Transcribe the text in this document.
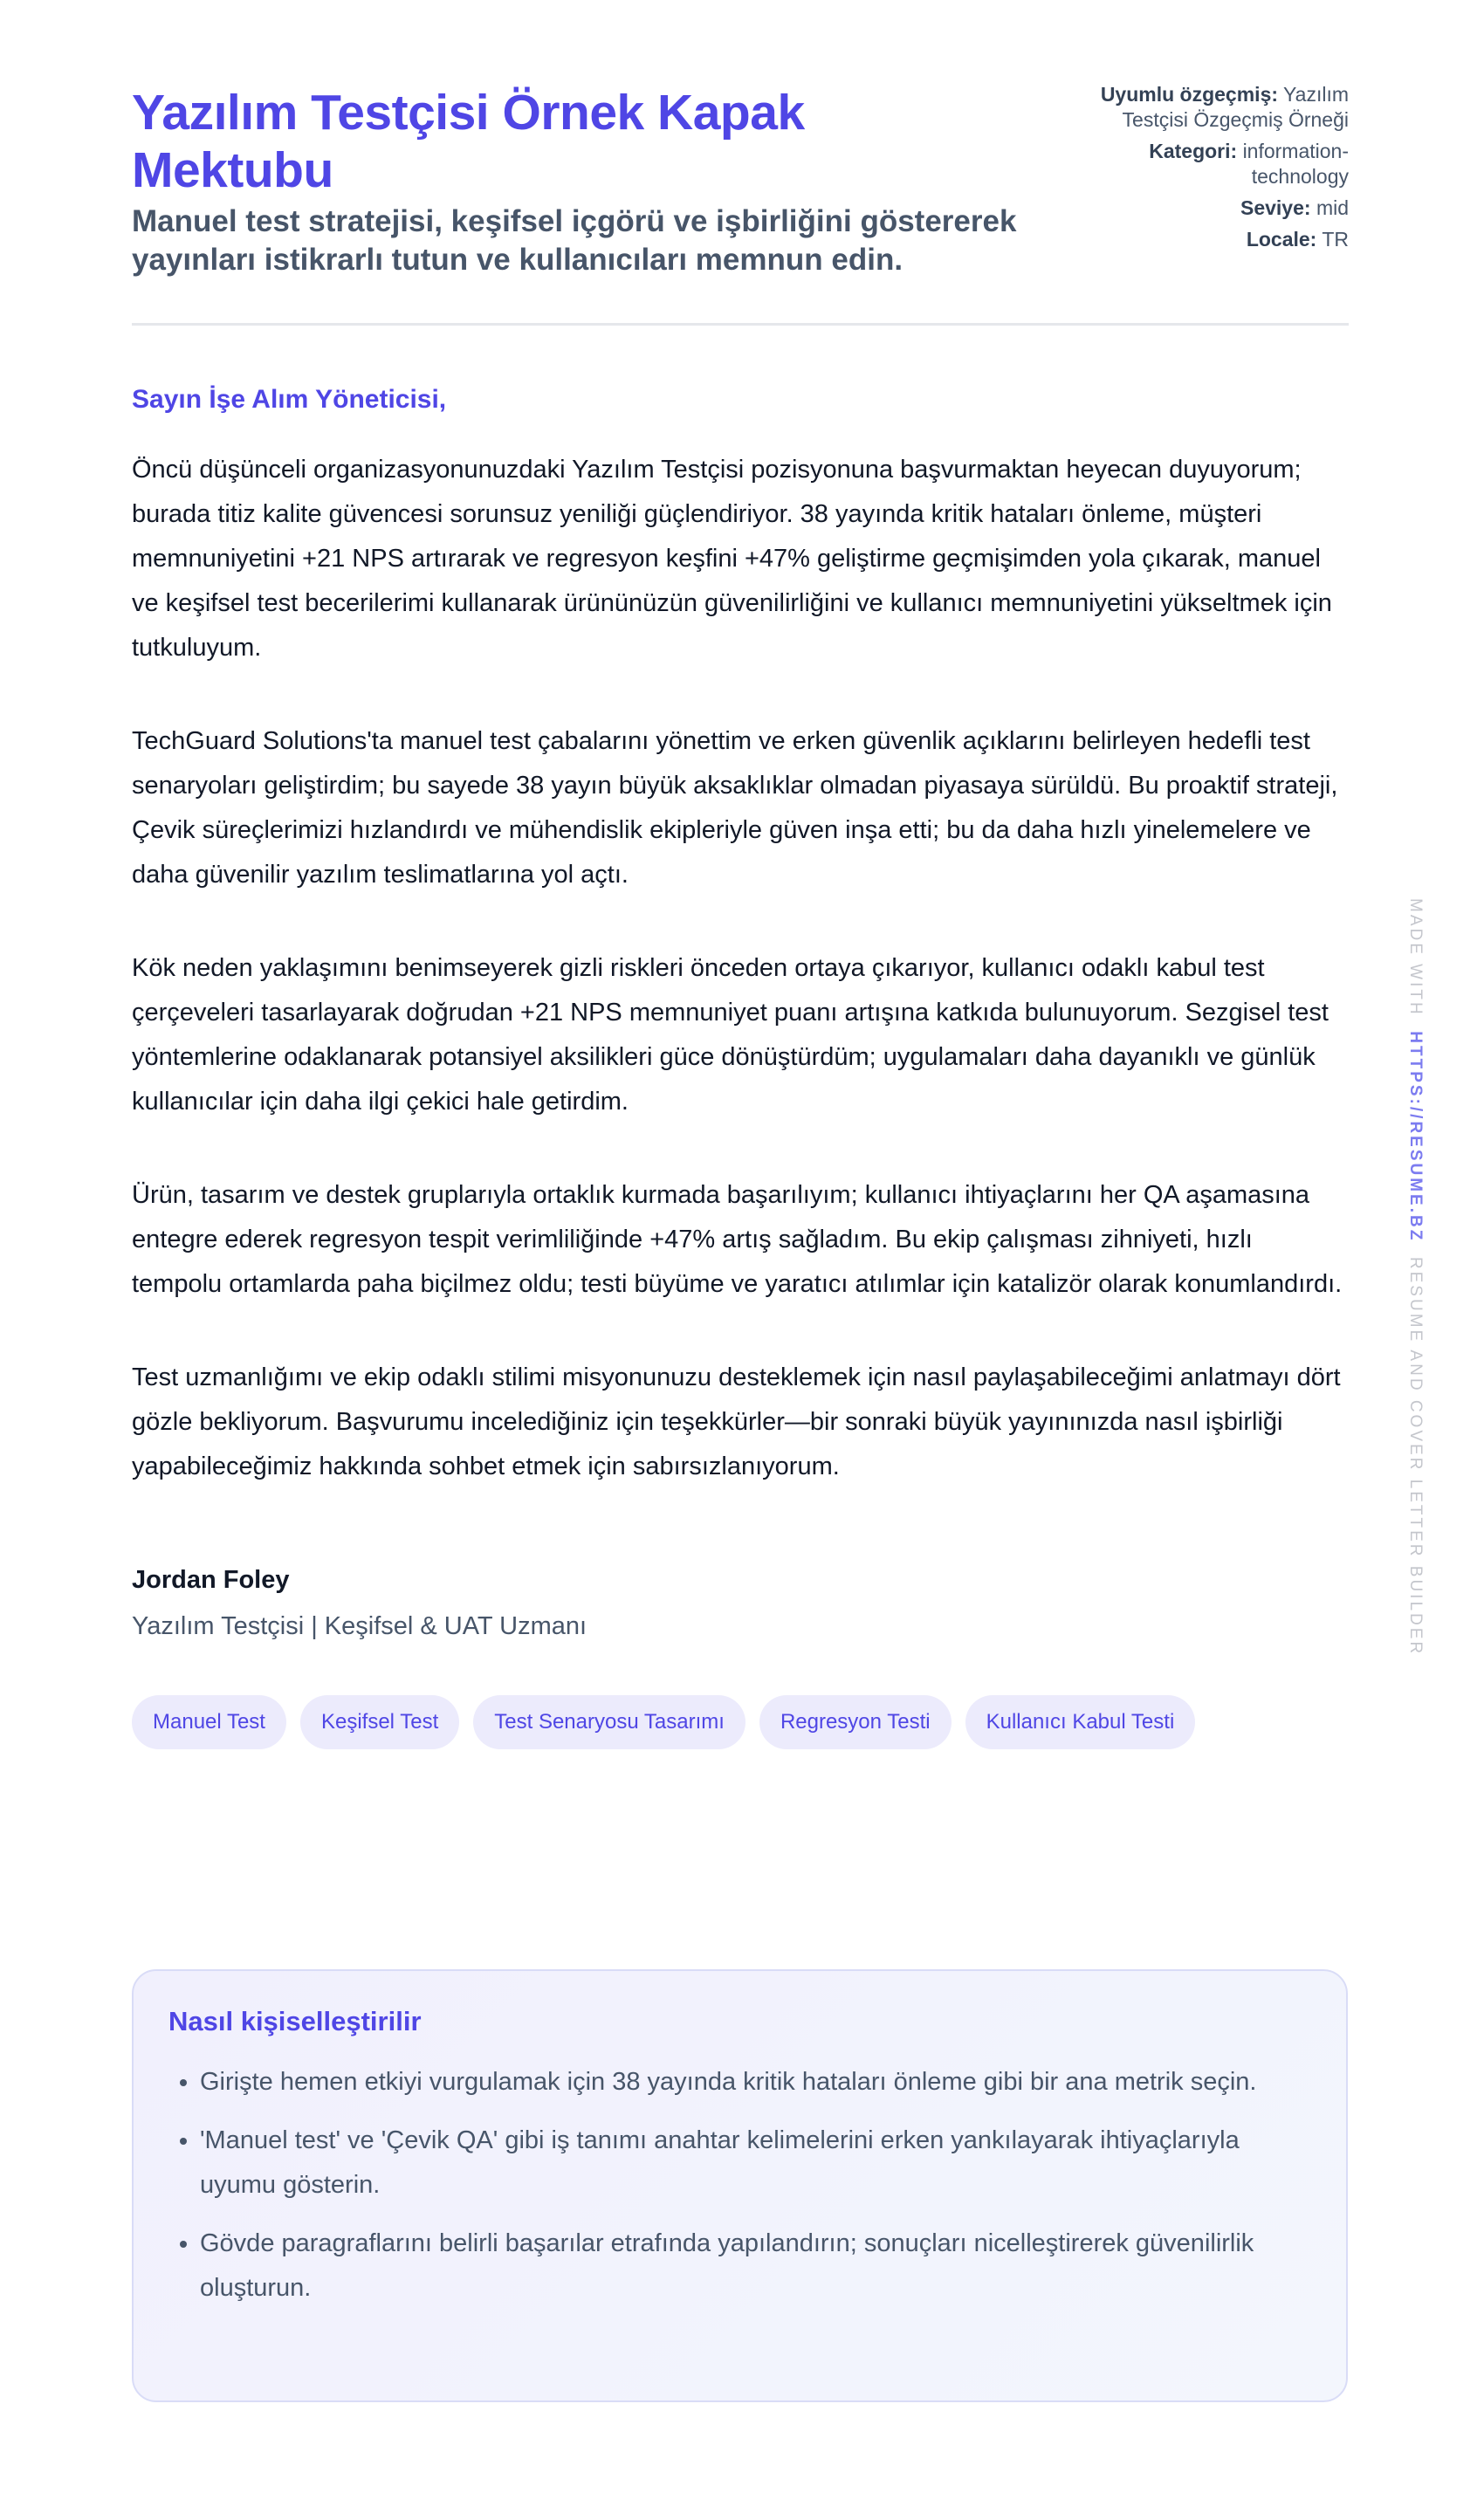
Yazılım Testçisi Örnek Kapak Mektubu

Manuel test stratejisi, keşifsel içgörü ve işbirliğini göstererek yayınları istikrarlı tutun ve kullanıcıları memnun edin.

Uyumlu özgeçmiş: Yazılım Testçisi Özgeçmiş Örneği
Kategori: information-technology
Seviye: mid
Locale: TR
Sayın İşe Alım Yöneticisi,

Öncü düşünceli organizasyonunuzdaki Yazılım Testçisi pozisyonuna başvurmaktan heyecan duyuyorum; burada titiz kalite güvencesi sorunsuz yeniliği güçlendiriyor. 38 yayında kritik hataları önleme, müşteri memnuniyetini +21 NPS artırarak ve regresyon keşfini +47% geliştirme geçmişimden yola çıkarak, manuel ve keşifsel test becerilerimi kullanarak ürününüzün güvenilirliğini ve kullanıcı memnuniyetini yükseltmek için tutkuluyum.

TechGuard Solutions'ta manuel test çabalarını yönettim ve erken güvenlik açıklarını belirleyen hedefli test senaryoları geliştirdim; bu sayede 38 yayın büyük aksaklıklar olmadan piyasaya sürüldü. Bu proaktif strateji, Çevik süreçlerimizi hızlandırdı ve mühendislik ekipleriyle güven inşa etti; bu da daha hızlı yinelemelere ve daha güvenilir yazılım teslimatlarına yol açtı.

Kök neden yaklaşımını benimseyerek gizli riskleri önceden ortaya çıkarıyor, kullanıcı odaklı kabul test çerçeveleri tasarlayarak doğrudan +21 NPS memnuniyet puanı artışına katkıda bulunuyorum. Sezgisel test yöntemlerine odaklanarak potansiyel aksilikleri güce dönüştürdüm; uygulamaları daha dayanıklı ve günlük kullanıcılar için daha ilgi çekici hale getirdim.

Ürün, tasarım ve destek gruplarıyla ortaklık kurmada başarılıyım; kullanıcı ihtiyaçlarını her QA aşamasına entegre ederek regresyon tespit verimliliğinde +47% artış sağladım. Bu ekip çalışması zihniyeti, hızlı tempolu ortamlarda paha biçilmez oldu; testi büyüme ve yaratıcı atılımlar için katalizör olarak konumlandırdı.

Test uzmanlığımı ve ekip odaklı stilimi misyonunuzu desteklemek için nasıl paylaşabileceğimi anlatmayı dört gözle bekliyorum. Başvurumu incelediğiniz için teşekkürler—bir sonraki büyük yayınınızda nasıl işbirliği yapabileceğimiz hakkında sohbet etmek için sabırsızlanıyorum.

Jordan Foley
Yazılım Testçisi | Keşifsel & UAT Uzmanı
Manuel Test	Keşifsel Test	Test Senaryosu Tasarımı	Regresyon Testi	Kullanıcı Kabul Testi
Nasıl kişiselleştirilir
• Girişte hemen etkiyi vurgulamak için 38 yayında kritik hataları önleme gibi bir ana metrik seçin.
• 'Manuel test' ve 'Çevik QA' gibi iş tanımı anahtar kelimelerini erken yankılayarak ihtiyaçlarıyla uyumu gösterin.
• Gövde paragraflarını belirli başarılar etrafında yapılandırın; sonuçları nicelleştirerek güvenilirlik oluşturun.
MADE WITH  HTTPS://RESUME.BZ  RESUME AND COVER LETTER BUILDER
